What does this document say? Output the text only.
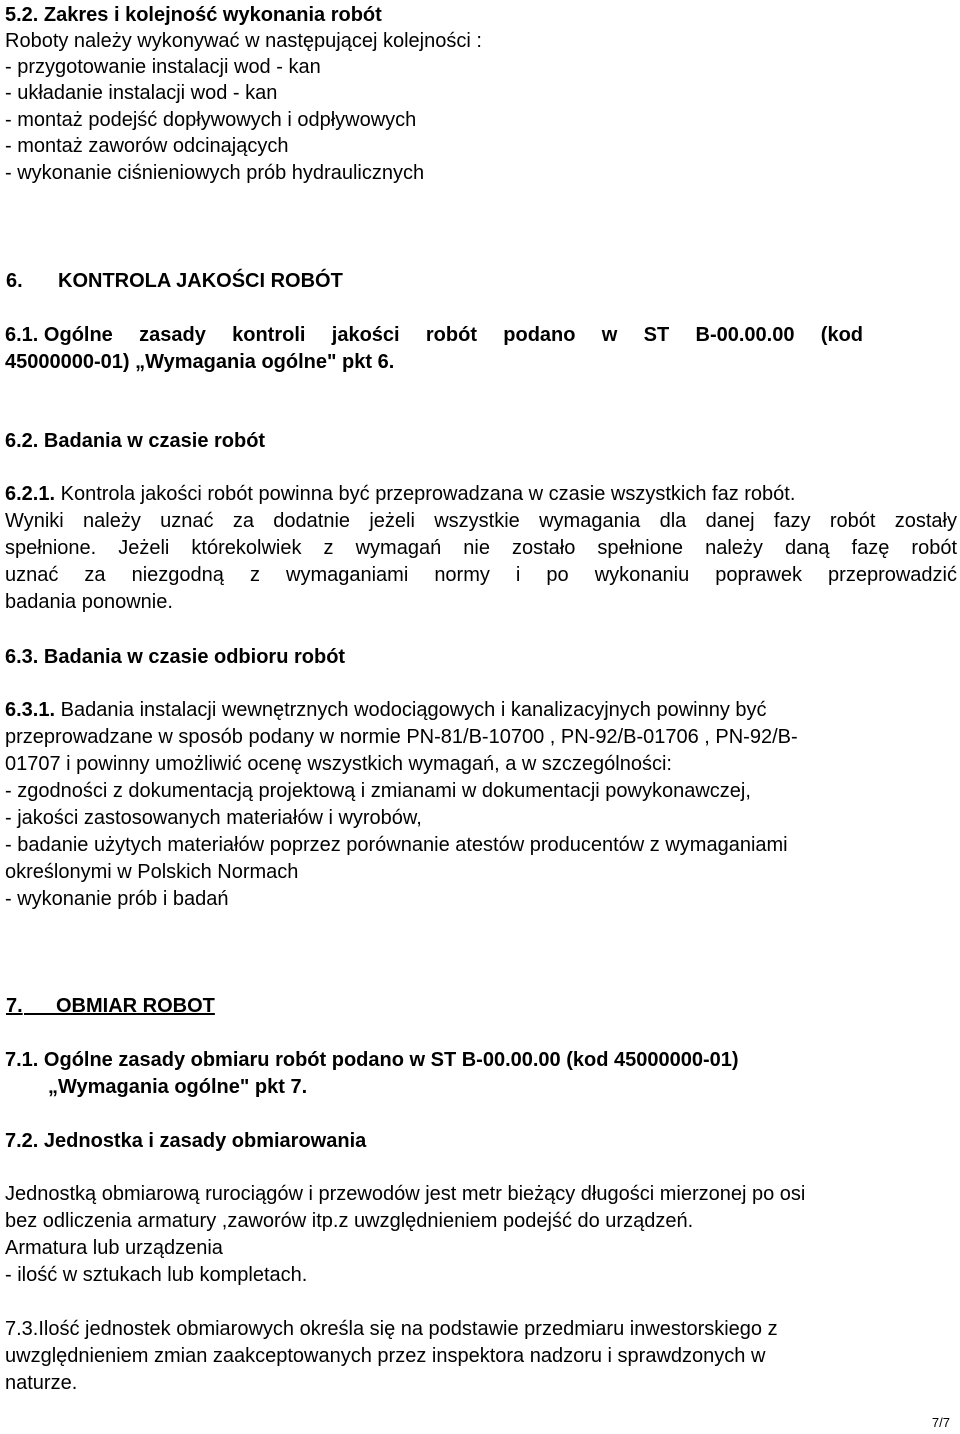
5.2. Zakres i kolejność wykonania robót
Roboty należy wykonywać w następującej kolejności :
- przygotowanie instalacji wod - kan
- układanie instalacji wod - kan
- montaż podejść dopływowych i odpływowych
- montaż zaworów odcinających
- wykonanie ciśnieniowych prób hydraulicznych
6. KONTROLA JAKOŚCI ROBÓT
6.1. Ogólne zasady kontroli jakości robót podano w ST B-00.00.00 (kod
45000000-01) „Wymagania ogólne" pkt 6.
6.2. Badania w czasie robót
6.2.1. Kontrola jakości robót powinna być przeprowadzana w czasie wszystkich faz robót.
Wyniki należy uznać za dodatnie jeżeli wszystkie wymagania dla danej fazy robót zostały
spełnione. Jeżeli którekolwiek z wymagań nie zostało spełnione należy daną fazę robót
uznać za niezgodną z wymaganiami normy i po wykonaniu poprawek przeprowadzić
badania ponownie.
6.3. Badania w czasie odbioru robót
6.3.1. Badania instalacji wewnętrznych wodociągowych i kanalizacyjnych powinny być
przeprowadzane w sposób podany w normie PN-81/B-10700 , PN-92/B-01706 , PN-92/B-
01707 i powinny umożliwić ocenę wszystkich wymagań, a w szczególności:
- zgodności z dokumentacją projektową i zmianami w dokumentacji powykonawczej,
- jakości zastosowanych materiałów i wyrobów,
- badanie użytych materiałów poprzez porównanie atestów producentów z wymaganiami
określonymi w Polskich Normach
- wykonanie prób i badań
7.
OBMIAR ROBOT
7.1. Ogólne zasady obmiaru robót podano w ST B-00.00.00 (kod 45000000-01)
„Wymagania ogólne" pkt 7.
7.2. Jednostka i zasady obmiarowania
Jednostką obmiarową rurociągów i przewodów jest metr bieżący długości mierzonej po osi
bez odliczenia armatury ,zaworów itp.z uwzględnieniem podejść do urządzeń.
Armatura lub urządzenia
- ilość w sztukach lub kompletach.
7.3.Ilość jednostek obmiarowych określa się na podstawie przedmiaru inwestorskiego z
uwzględnieniem zmian zaakceptowanych przez inspektora nadzoru i sprawdzonych w
naturze.
7/7
